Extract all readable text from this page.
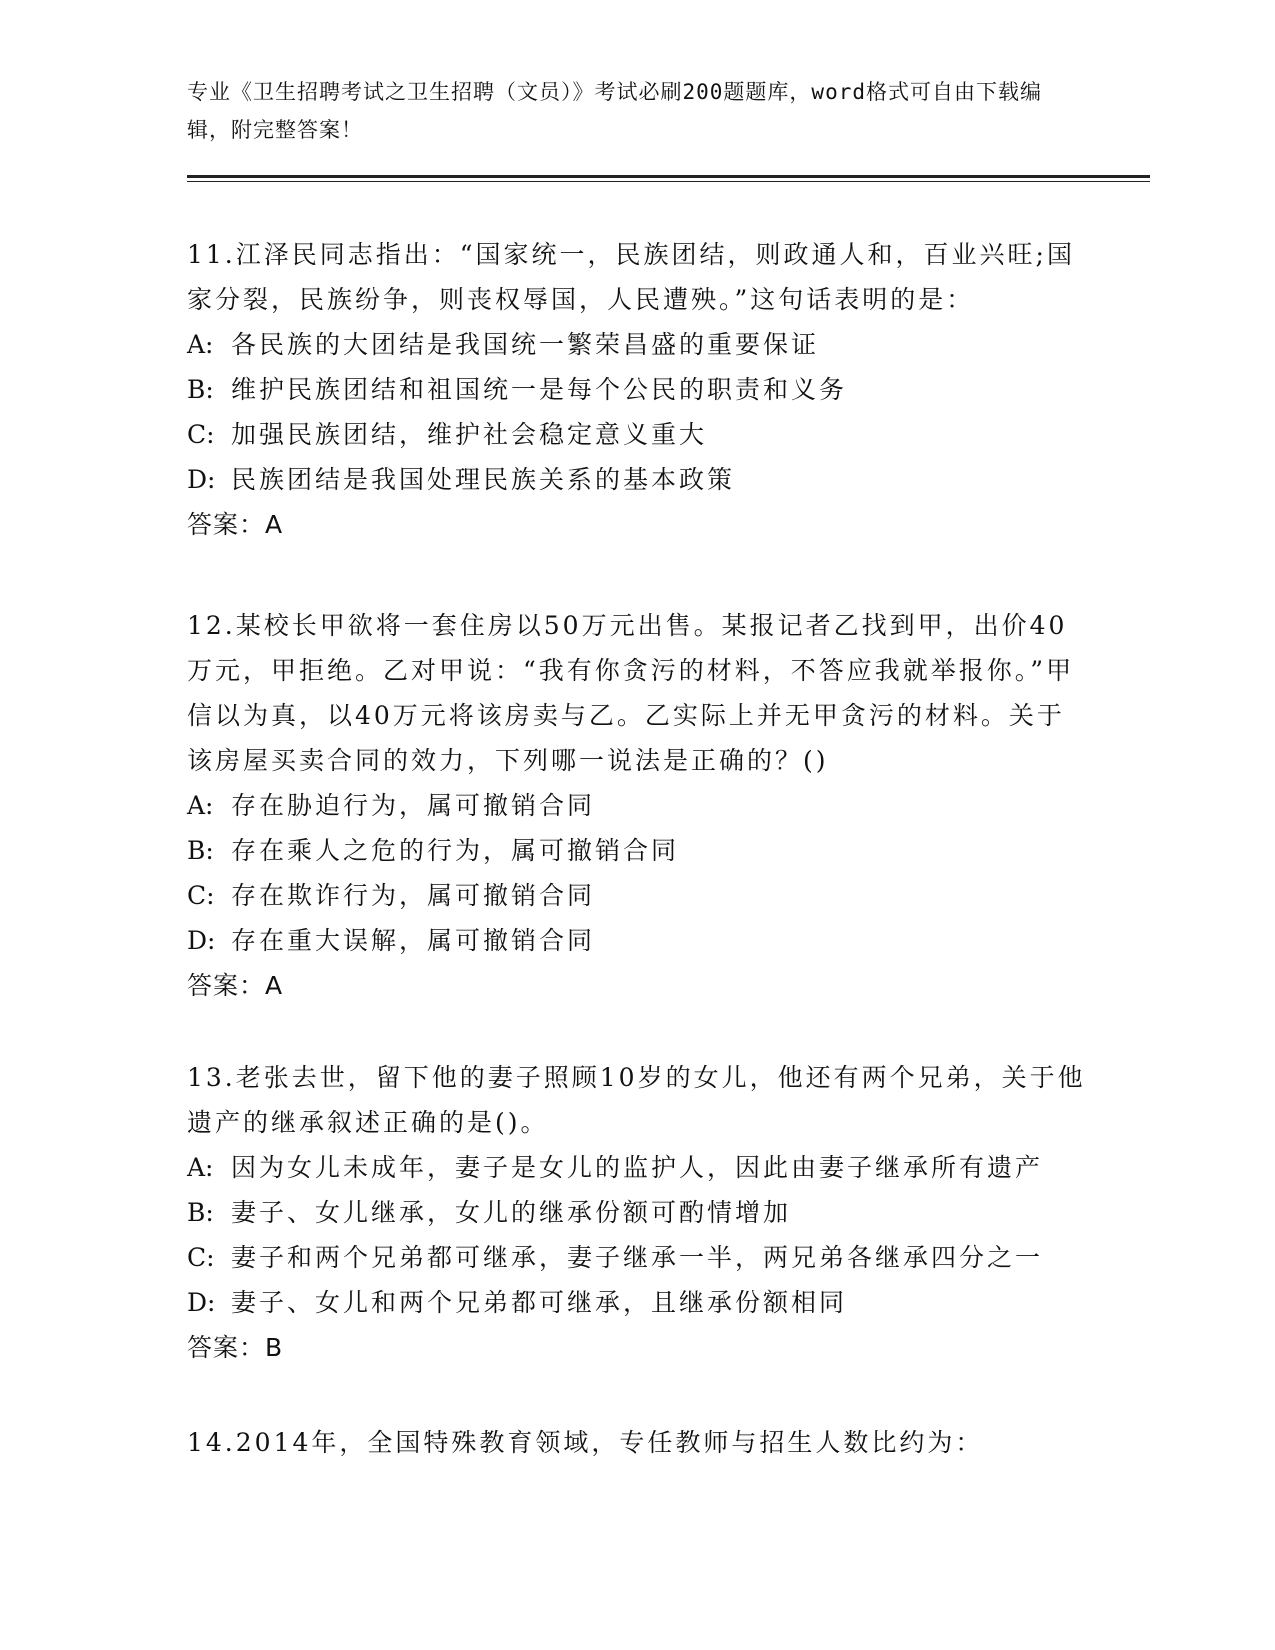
专业《卫生招聘考试之卫生招聘（文员）》考试必刷200题题库，word格式可自由下载编辑，附完整答案！

11.江泽民同志指出：“国家统一，民族团结，则政通人和，百业兴旺;国家分裂，民族纷争，则丧权辱国，人民遭殃。”这句话表明的是：

A: 各民族的大团结是我国统一繁荣昌盛的重要保证

B: 维护民族团结和祖国统一是每个公民的职责和义务

C: 加强民族团结，维护社会稳定意义重大

D: 民族团结是我国处理民族关系的基本政策

答案：A

12.某校长甲欲将一套住房以50万元出售。某报记者乙找到甲，出价40万元，甲拒绝。乙对甲说：“我有你贪污的材料，不答应我就举报你。”甲信以为真，以40万元将该房卖与乙。乙实际上并无甲贪污的材料。关于该房屋买卖合同的效力，下列哪一说法是正确的？()

A: 存在胁迫行为，属可撤销合同

B: 存在乘人之危的行为，属可撤销合同

C: 存在欺诈行为，属可撤销合同

D: 存在重大误解，属可撤销合同

答案：A

13.老张去世，留下他的妻子照顾10岁的女儿，他还有两个兄弟，关于他遗产的继承叙述正确的是()。

A: 因为女儿未成年，妻子是女儿的监护人，因此由妻子继承所有遗产

B: 妻子、女儿继承，女儿的继承份额可酌情增加

C: 妻子和两个兄弟都可继承，妻子继承一半，两兄弟各继承四分之一

D: 妻子、女儿和两个兄弟都可继承，且继承份额相同

答案：B

14.2014年，全国特殊教育领域，专任教师与招生人数比约为：
